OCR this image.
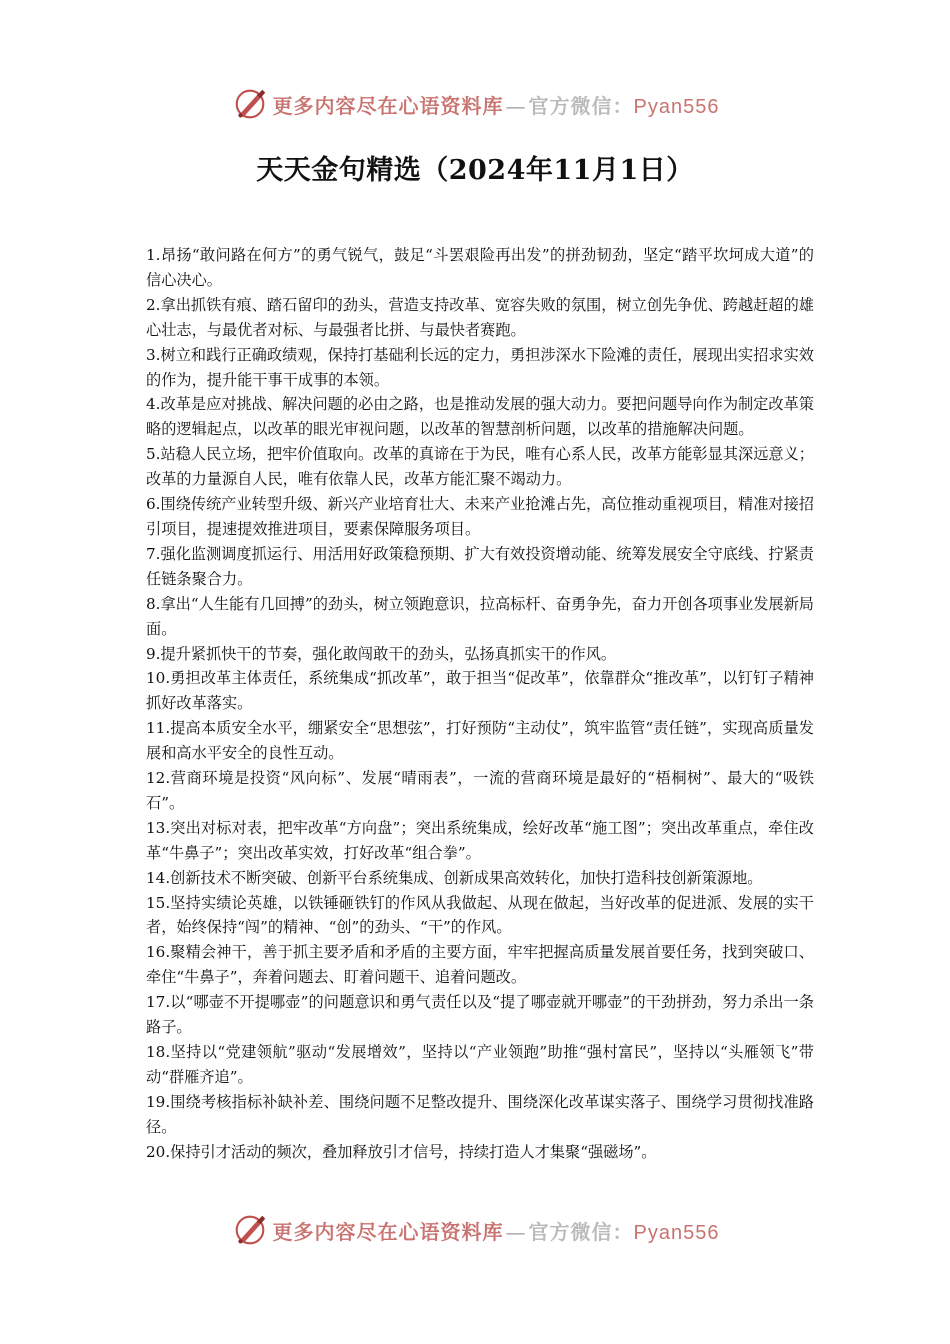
更多内容尽在心语资料库 — 官方微信：Pyan556
天天金句精选（2024年11月1日）

1.昂扬“敢问路在何方”的勇气锐气，鼓足“斗罢艰险再出发”的拼劲韧劲，坚定“踏平坎坷成大道”的信心决心。

2.拿出抓铁有痕、踏石留印的劲头，营造支持改革、宽容失败的氛围，树立创先争优、跨越赶超的雄心壮志，与最优者对标、与最强者比拼、与最快者赛跑。

3.树立和践行正确政绩观，保持打基础利长远的定力，勇担涉深水下险滩的责任，展现出实招求实效的作为，提升能干事干成事的本领。

4.改革是应对挑战、解决问题的必由之路，也是推动发展的强大动力。要把问题导向作为制定改革策略的逻辑起点，以改革的眼光审视问题，以改革的智慧剖析问题，以改革的措施解决问题。

5.站稳人民立场，把牢价值取向。改革的真谛在于为民，唯有心系人民，改革方能彰显其深远意义；改革的力量源自人民，唯有依靠人民，改革方能汇聚不竭动力。

6.围绕传统产业转型升级、新兴产业培育壮大、未来产业抢滩占先，高位推动重视项目，精准对接招引项目，提速提效推进项目，要素保障服务项目。

7.强化监测调度抓运行、用活用好政策稳预期、扩大有效投资增动能、统筹发展安全守底线、拧紧责任链条聚合力。

8.拿出“人生能有几回搏”的劲头，树立领跑意识，拉高标杆、奋勇争先，奋力开创各项事业发展新局面。

9.提升紧抓快干的节奏，强化敢闯敢干的劲头，弘扬真抓实干的作风。

10.勇担改革主体责任，系统集成“抓改革”，敢于担当“促改革”，依靠群众“推改革”，以钉钉子精神抓好改革落实。

11.提高本质安全水平，绷紧安全“思想弦”，打好预防“主动仗”，筑牢监管“责任链”，实现高质量发展和高水平安全的良性互动。

12.营商环境是投资“风向标”、发展“晴雨表”，一流的营商环境是最好的“梧桐树”、最大的“吸铁石”。

13.突出对标对表，把牢改革“方向盘”；突出系统集成，绘好改革“施工图”；突出改革重点，牵住改革“牛鼻子”；突出改革实效，打好改革“组合拳”。

14.创新技术不断突破、创新平台系统集成、创新成果高效转化，加快打造科技创新策源地。

15.坚持实绩论英雄，以铁锤砸铁钉的作风从我做起、从现在做起，当好改革的促进派、发展的实干者，始终保持“闯”的精神、“创”的劲头、“干”的作风。

16.聚精会神干，善于抓主要矛盾和矛盾的主要方面，牢牢把握高质量发展首要任务，找到突破口、牵住“牛鼻子”，奔着问题去、盯着问题干、追着问题改。

17.以“哪壶不开提哪壶”的问题意识和勇气责任以及“提了哪壶就开哪壶”的干劲拼劲，努力杀出一条路子。

18.坚持以“党建领航”驱动“发展增效”，坚持以“产业领跑”助推“强村富民”，坚持以“头雁领飞”带动“群雁齐追”。

19.围绕考核指标补缺补差、围绕问题不足整改提升、围绕深化改革谋实落子、围绕学习贯彻找准路径。

20.保持引才活动的频次，叠加释放引才信号，持续打造人才集聚“强磁场”。

更多内容尽在心语资料库 — 官方微信：Pyan556
